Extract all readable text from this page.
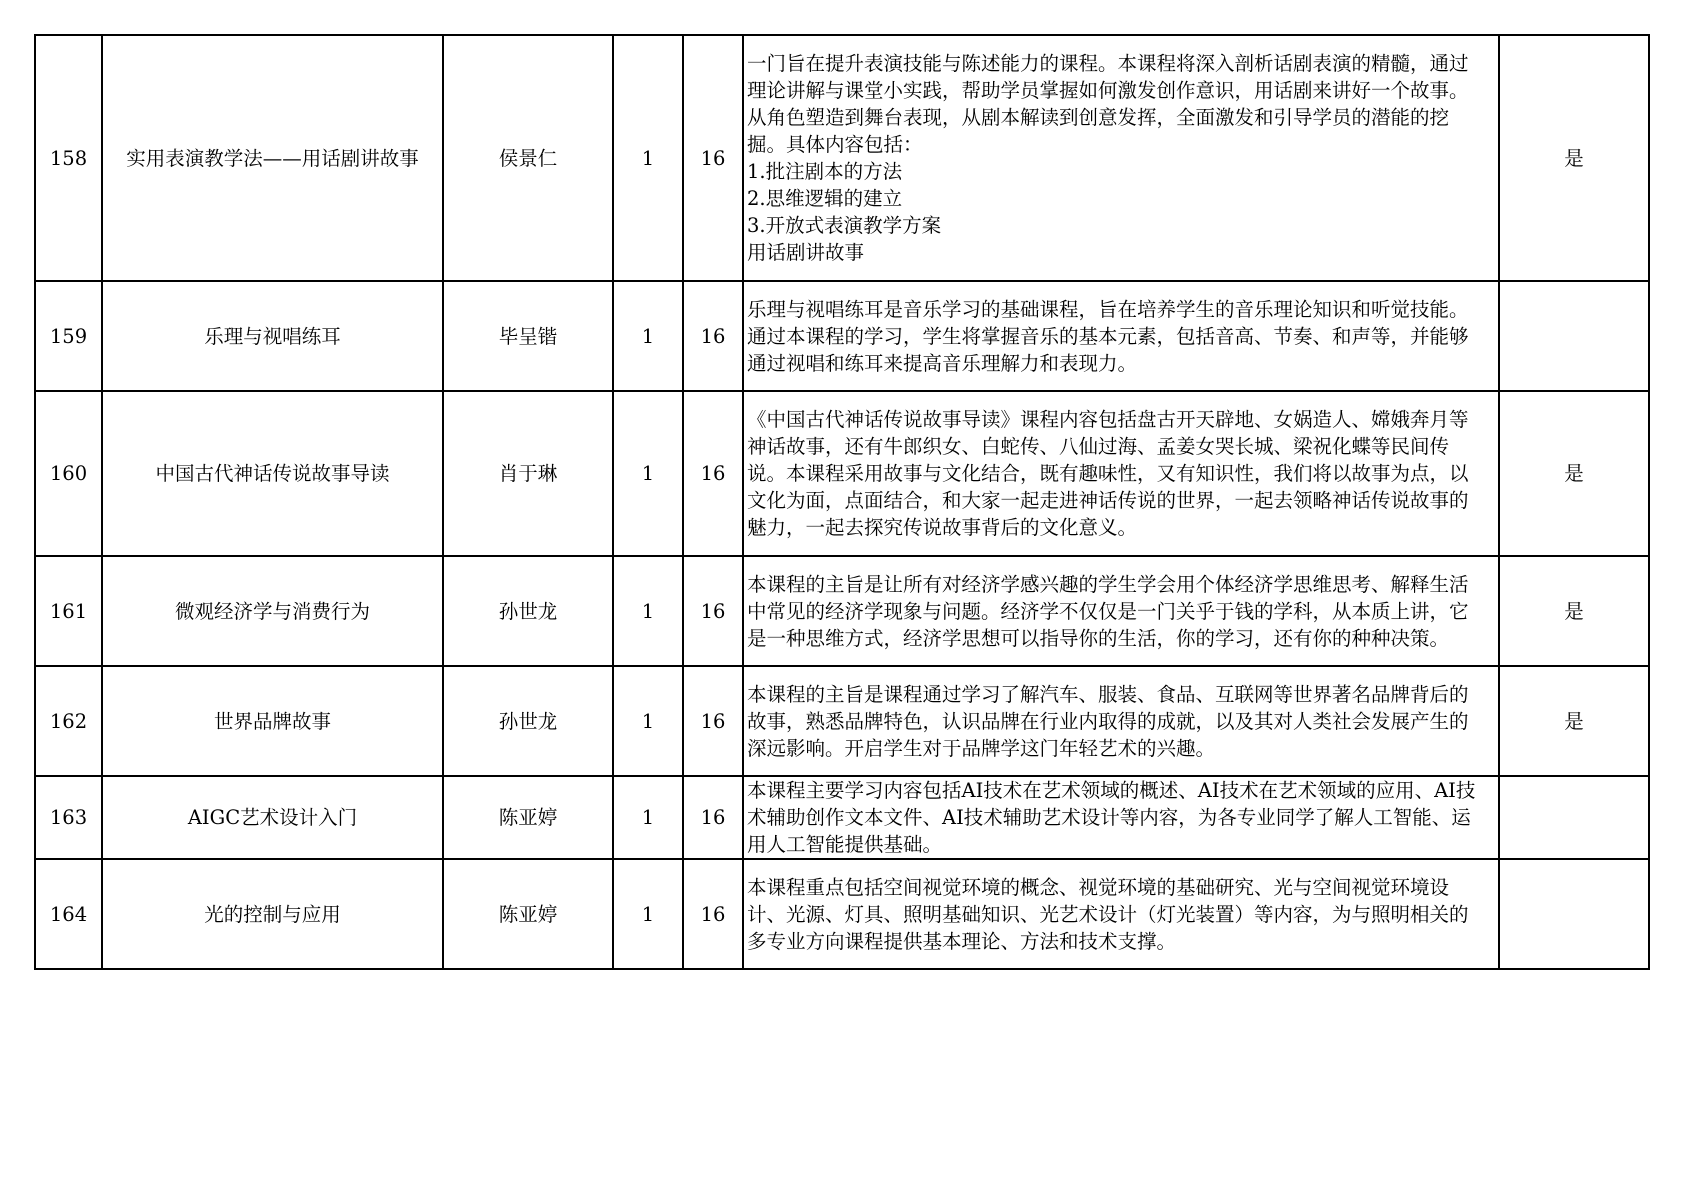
158	实用表演教学法——用话剧讲故事	侯景仁	1	16	一门旨在提升表演技能与陈述能力的课程。本课程将深入剖析话剧表演的精髓，通过理论讲解与课堂小实践，帮助学员掌握如何激发创作意识，用话剧来讲好一个故事。从角色塑造到舞台表现，从剧本解读到创意发挥，全面激发和引导学员的潜能的挖掘。具体内容包括：
1.批注剧本的方法
2.思维逻辑的建立
3.开放式表演教学方案
用话剧讲故事	是
159	乐理与视唱练耳	毕呈锴	1	16	乐理与视唱练耳是音乐学习的基础课程，旨在培养学生的音乐理论知识和听觉技能。通过本课程的学习，学生将掌握音乐的基本元素，包括音高、节奏、和声等，并能够通过视唱和练耳来提高音乐理解力和表现力。	
160	中国古代神话传说故事导读	肖于琳	1	16	《中国古代神话传说故事导读》课程内容包括盘古开天辟地、女娲造人、嫦娥奔月等神话故事，还有牛郎织女、白蛇传、八仙过海、孟姜女哭长城、梁祝化蝶等民间传说。本课程采用故事与文化结合，既有趣味性，又有知识性，我们将以故事为点，以文化为面，点面结合，和大家一起走进神话传说的世界，一起去领略神话传说故事的魅力，一起去探究传说故事背后的文化意义。	是
161	微观经济学与消费行为	孙世龙	1	16	本课程的主旨是让所有对经济学感兴趣的学生学会用个体经济学思维思考、解释生活中常见的经济学现象与问题。经济学不仅仅是一门关乎于钱的学科，从本质上讲，它是一种思维方式，经济学思想可以指导你的生活，你的学习，还有你的种种决策。	是
162	世界品牌故事	孙世龙	1	16	本课程的主旨是课程通过学习了解汽车、服装、食品、互联网等世界著名品牌背后的故事，熟悉品牌特色，认识品牌在行业内取得的成就，以及其对人类社会发展产生的深远影响。开启学生对于品牌学这门年轻艺术的兴趣。	是
163	AIGC艺术设计入门	陈亚婷	1	16	本课程主要学习内容包括AI技术在艺术领域的概述、AI技术在艺术领域的应用、AI技术辅助创作文本文件、AI技术辅助艺术设计等内容，为各专业同学了解人工智能、运用人工智能提供基础。	
164	光的控制与应用	陈亚婷	1	16	本课程重点包括空间视觉环境的概念、视觉环境的基础研究、光与空间视觉环境设计、光源、灯具、照明基础知识、光艺术设计（灯光装置）等内容，为与照明相关的多专业方向课程提供基本理论、方法和技术支撑。	
